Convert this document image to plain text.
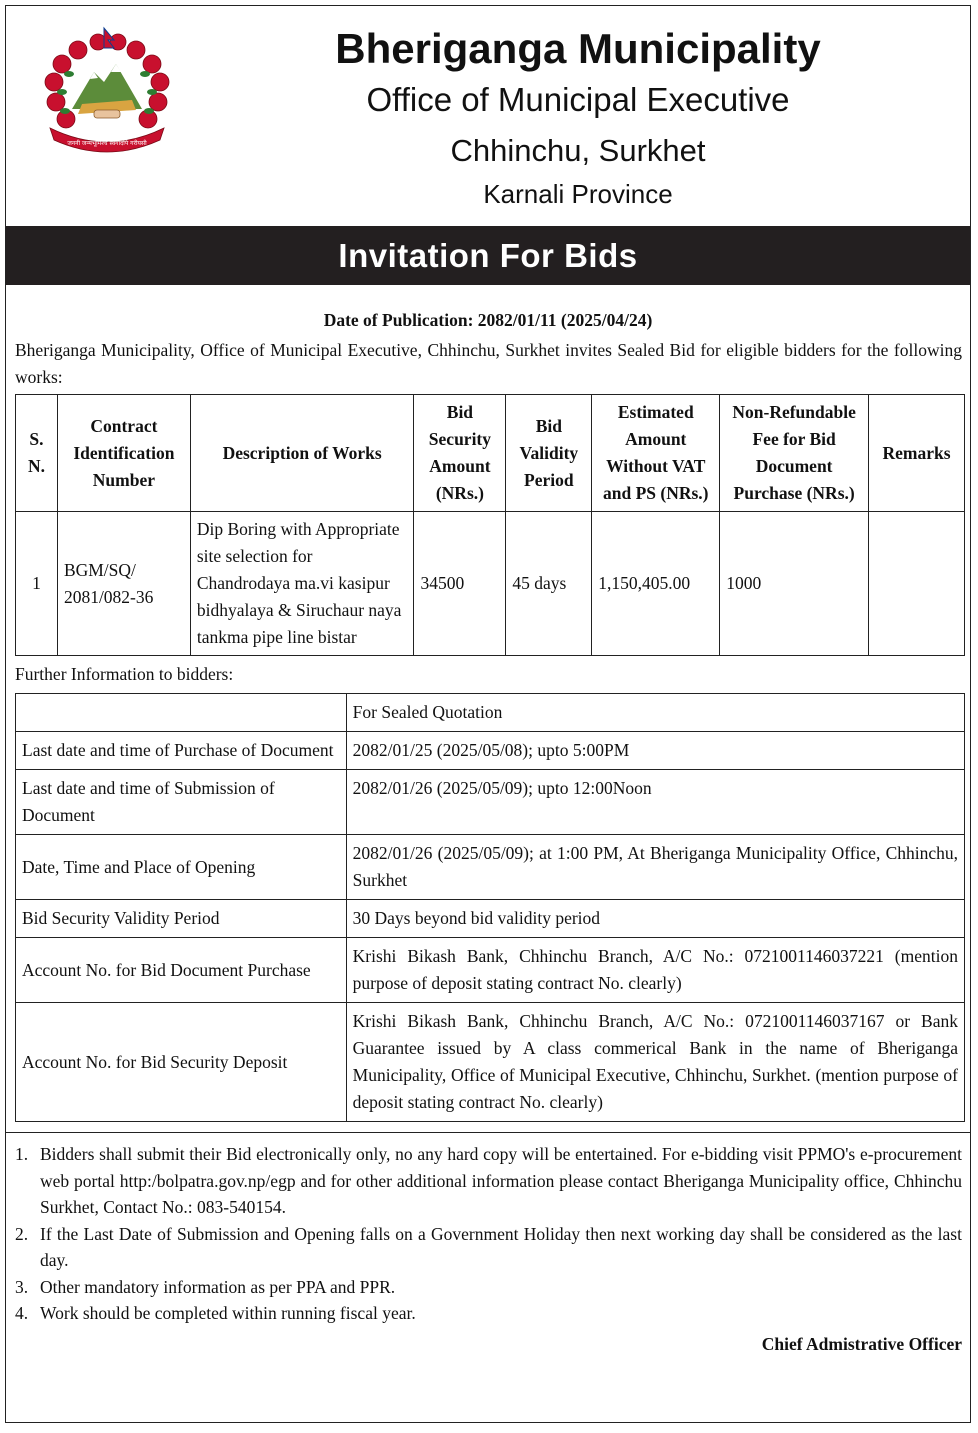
जननी जन्मभूमिश्च स्वर्गादपि गरीयसी
Bheriganga Municipality
Office of Municipal Executive
Chhinchu, Surkhet
Karnali Province
Invitation For Bids
Date of Publication: 2082/01/11 (2025/04/24)
Bheriganga Municipality, Office of Municipal Executive, Chhinchu, Surkhet invites Sealed Bid for eligible bidders for the following works:
S. N.	Contract Identification Number	Description of Works	Bid Security Amount (NRs.)	Bid Validity Period	Estimated Amount Without VAT and PS (NRs.)	Non-Refundable Fee for Bid Document Purchase (NRs.)	Remarks
1	BGM/SQ/ 2081/082-36	Dip Boring with Appropriate site selection for Chandrodaya ma.vi kasipur bidhyalaya & Siruchaur naya tankma pipe line bistar	34500	45 days	1,150,405.00	1000	
Further Information to bidders:
	For Sealed Quotation
Last date and time of Purchase of Document	2082/01/25 (2025/05/08); upto 5:00PM
Last date and time of Submission of Document	2082/01/26 (2025/05/09); upto 12:00Noon
Date, Time and Place of Opening	2082/01/26 (2025/05/09); at 1:00 PM, At Bheriganga Municipality Office, Chhinchu, Surkhet
Bid Security Validity Period	30 Days beyond bid validity period
Account No. for Bid Document Purchase	Krishi Bikash Bank, Chhinchu Branch, A/C No.: 0721001146037221 (mention purpose of deposit stating contract No. clearly)
Account No. for Bid Security Deposit	Krishi Bikash Bank, Chhinchu Branch, A/C No.: 0721001146037167 or Bank Guarantee issued by A class commerical Bank in the name of Bheriganga Municipality, Office of Municipal Executive, Chhinchu, Surkhet. (mention purpose of deposit stating contract No. clearly)
1. Bidders shall submit their Bid electronically only, no any hard copy will be entertained. For e-bidding visit PPMO's e-procurement web portal http:/bolpatra.gov.np/egp and for other additional information please contact Bheriganga Municipality office, Chhinchu Surkhet, Contact No.: 083-540154.
2. If the Last Date of Submission and Opening falls on a Government Holiday then next working day shall be considered as the last day.
3. Other mandatory information as per PPA and PPR.
4. Work should be completed within running fiscal year.
Chief Admistrative Officer
